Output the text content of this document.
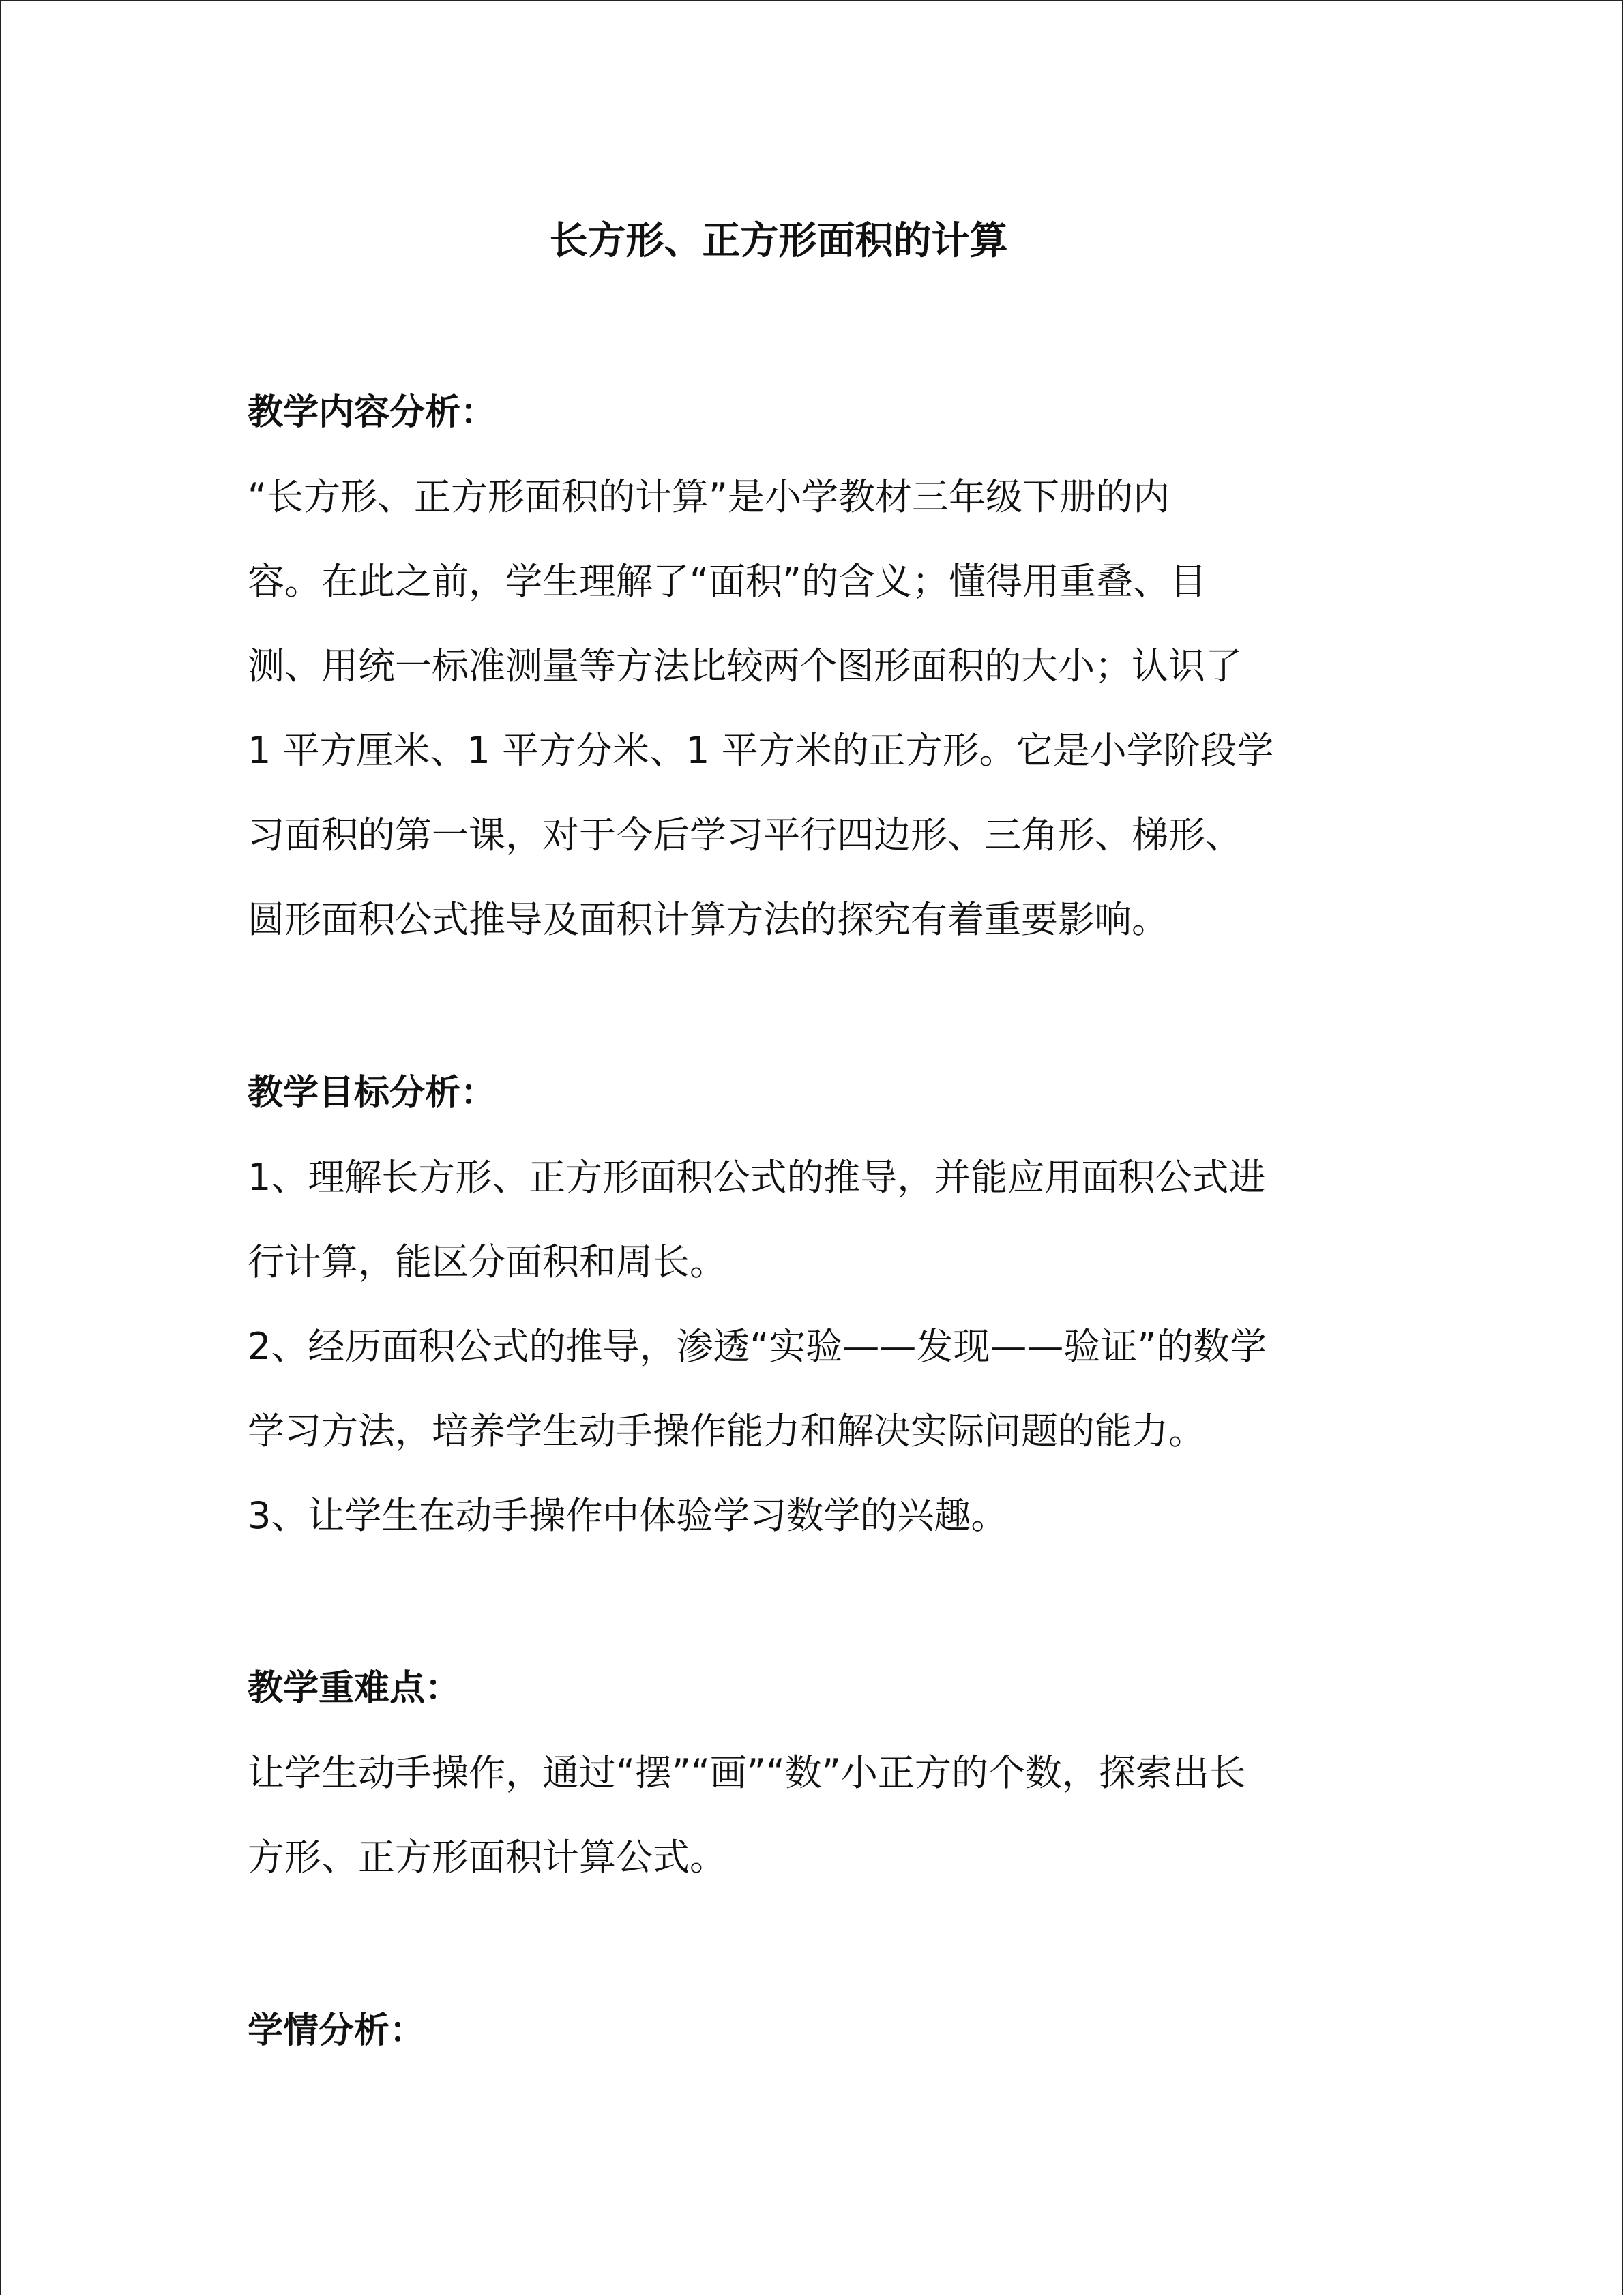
长方形、正方形面积的计算
教学内容分析：
“长方形、正方形面积的计算”是小学教材三年级下册的内
容。在此之前，学生理解了“面积”的含义；懂得用重叠、目
测、用统一标准测量等方法比较两个图形面积的大小；认识了
1 平方厘米、1 平方分米、1 平方米的正方形。它是小学阶段学
习面积的第一课，对于今后学习平行四边形、三角形、梯形、
圆形面积公式推导及面积计算方法的探究有着重要影响。
教学目标分析：
1、理解长方形、正方形面积公式的推导，并能应用面积公式进
行计算，能区分面积和周长。
2、经历面积公式的推导，渗透“实验——发现——验证”的数学
学习方法，培养学生动手操作能力和解决实际问题的能力。
3、让学生在动手操作中体验学习数学的兴趣。
教学重难点：
让学生动手操作，通过“摆”“画”“数”小正方的个数，探索出长
方形、正方形面积计算公式。
学情分析：
